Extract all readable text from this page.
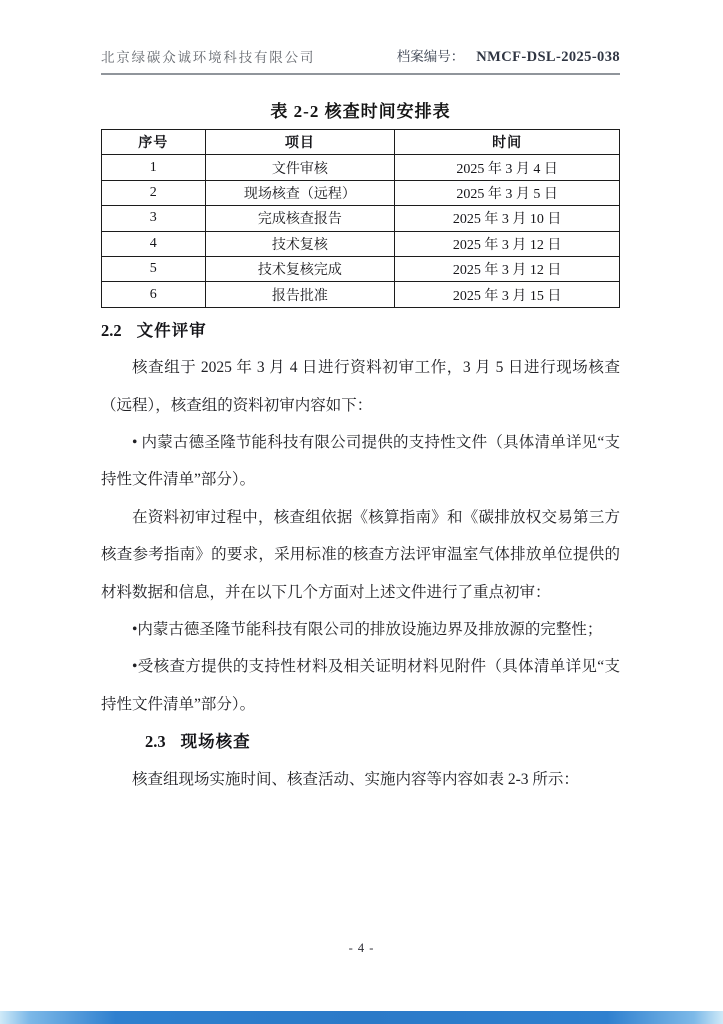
北京绿碳众诚环境科技有限公司	档案编号： NMCF-DSL-2025-038
表 2-2 核查时间安排表
序号	项目	时间
1	文件审核	2025 年 3 月 4 日
2	现场核查（远程）	2025 年 3 月 5 日
3	完成核查报告	2025 年 3 月 10 日
4	技术复核	2025 年 3 月 12 日
5	技术复核完成	2025 年 3 月 12 日
6	报告批准	2025 年 3 月 15 日
2.2 文件评审

核查组于 2025 年 3 月 4 日进行资料初审工作，3 月 5 日进行现场核查（远程），核查组的资料初审内容如下：

• 内蒙古德圣隆节能科技有限公司提供的支持性文件（具体清单详见“支持性文件清单”部分）。

在资料初审过程中，核查组依据《核算指南》和《碳排放权交易第三方核查参考指南》的要求，采用标准的核查方法评审温室气体排放单位提供的材料数据和信息，并在以下几个方面对上述文件进行了重点初审：

•内蒙古德圣隆节能科技有限公司的排放设施边界及排放源的完整性；

•受核查方提供的支持性材料及相关证明材料见附件（具体清单详见“支持性文件清单”部分）。

2.3 现场核查

核查组现场实施时间、核查活动、实施内容等内容如表 2-3 所示：

- 4 -
